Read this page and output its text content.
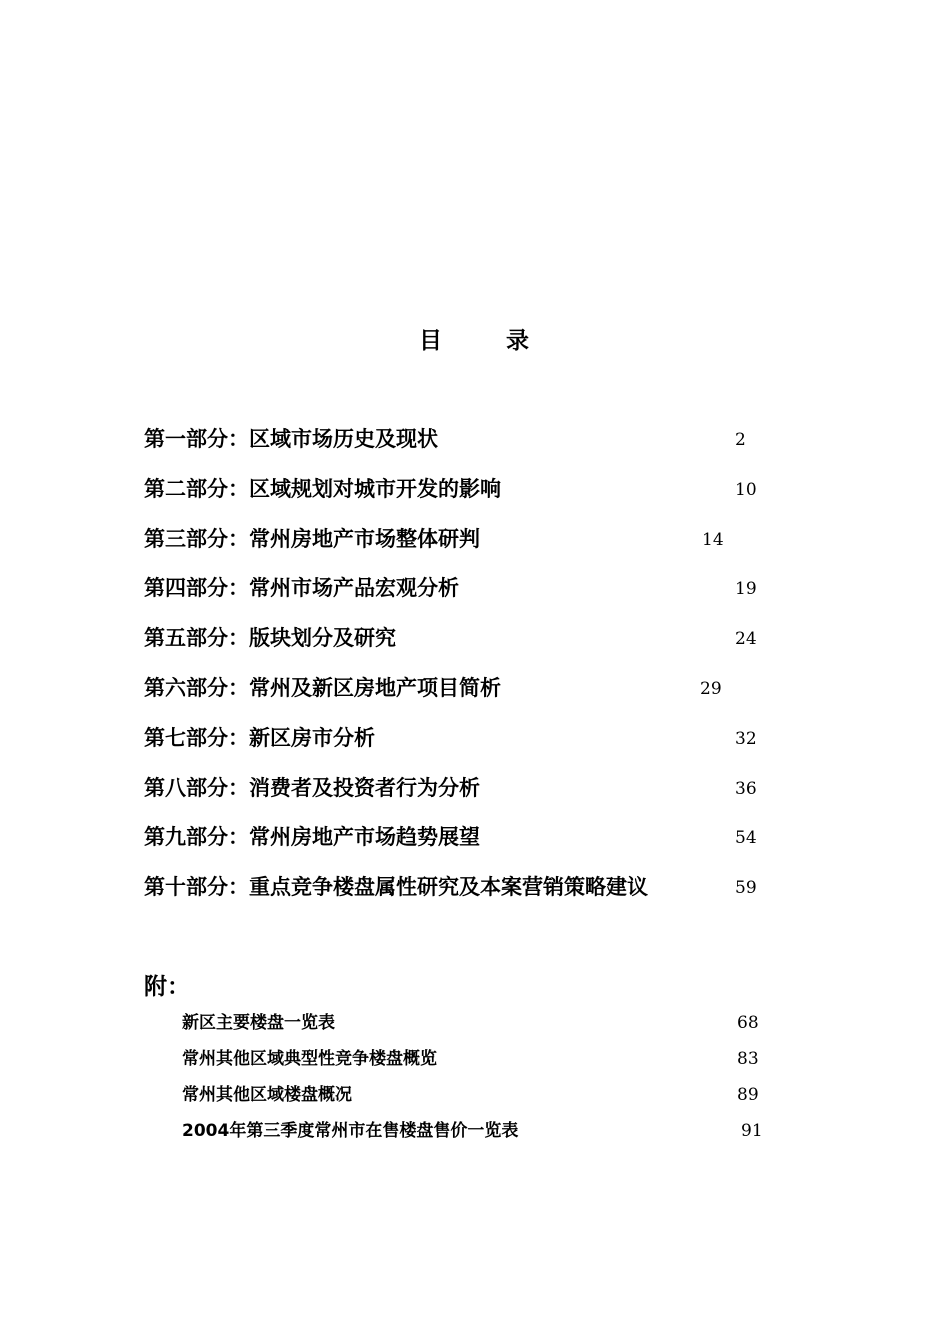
目	录
第一部分：区域市场历史及现状	2
第二部分：区域规划对城市开发的影响	10
第三部分：常州房地产市场整体研判	14
第四部分：常州市场产品宏观分析	19
第五部分：版块划分及研究	24
第六部分：常州及新区房地产项目简析	29
第七部分：新区房市分析	32
第八部分：消费者及投资者行为分析	36
第九部分：常州房地产市场趋势展望	54
第十部分：重点竞争楼盘属性研究及本案营销策略建议	59
附：
新区主要楼盘一览表	68
常州其他区域典型性竞争楼盘概览	83
常州其他区域楼盘概况	89
2004年第三季度常州市在售楼盘售价一览表	91
